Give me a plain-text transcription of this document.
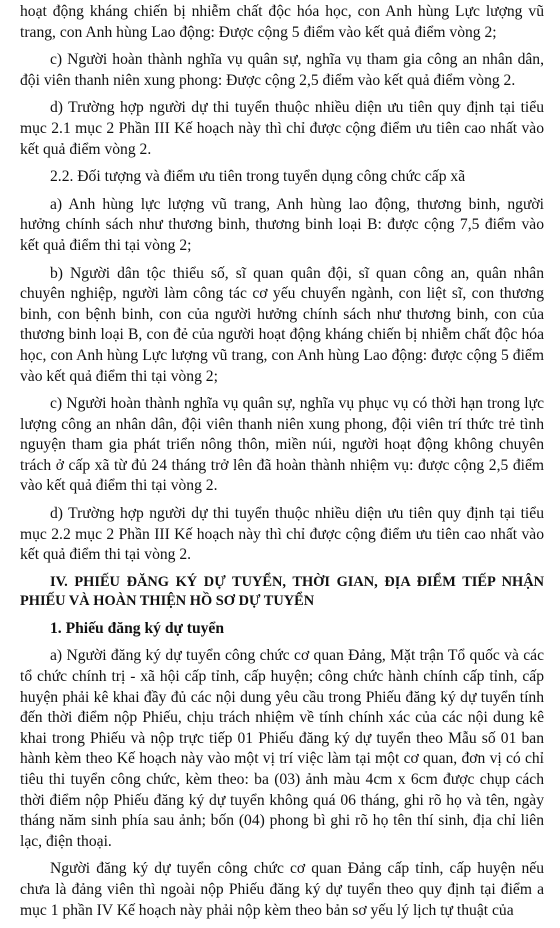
hoạt động kháng chiến bị nhiễm chất độc hóa học, con Anh hùng Lực lượng vũ trang, con Anh hùng Lao động: Được cộng 5 điểm vào kết quả điểm vòng 2;

c) Người hoàn thành nghĩa vụ quân sự, nghĩa vụ tham gia công an nhân dân, đội viên thanh niên xung phong: Được cộng 2,5 điểm vào kết quả điểm vòng 2.

d) Trường hợp người dự thi tuyển thuộc nhiều diện ưu tiên quy định tại tiểu mục 2.1 mục 2 Phần III Kế hoạch này thì chỉ được cộng điểm ưu tiên cao nhất vào kết quả điểm vòng 2.

2.2. Đối tượng và điểm ưu tiên trong tuyển dụng công chức cấp xã

a) Anh hùng lực lượng vũ trang, Anh hùng lao động, thương binh, người hưởng chính sách như thương binh, thương binh loại B: được cộng 7,5 điểm vào kết quả điểm thi tại vòng 2;

b) Người dân tộc thiểu số, sĩ quan quân đội, sĩ quan công an, quân nhân chuyên nghiệp, người làm công tác cơ yếu chuyển ngành, con liệt sĩ, con thương binh, con bệnh binh, con của người hưởng chính sách như thương binh, con của thương binh loại B, con đẻ của người hoạt động kháng chiến bị nhiễm chất độc hóa học, con Anh hùng Lực lượng vũ trang, con Anh hùng Lao động: được cộng 5 điểm vào kết quả điểm thi tại vòng 2;

c) Người hoàn thành nghĩa vụ quân sự, nghĩa vụ phục vụ có thời hạn trong lực lượng công an nhân dân, đội viên thanh niên xung phong, đội viên trí thức trẻ tình nguyện tham gia phát triển nông thôn, miền núi, người hoạt động không chuyên trách ở cấp xã từ đủ 24 tháng trở lên đã hoàn thành nhiệm vụ: được cộng 2,5 điểm vào kết quả điểm thi tại vòng 2.

d) Trường hợp người dự thi tuyển thuộc nhiều diện ưu tiên quy định tại tiểu mục 2.2 mục 2 Phần III Kế hoạch này thì chỉ được cộng điểm ưu tiên cao nhất vào kết quả điểm thi tại vòng 2.

IV. PHIẾU ĐĂNG KÝ DỰ TUYỂN, THỜI GIAN, ĐỊA ĐIỂM TIẾP NHẬN PHIẾU VÀ HOÀN THIỆN HỒ SƠ DỰ TUYỂN

1. Phiếu đăng ký dự tuyển

a) Người đăng ký dự tuyển công chức cơ quan Đảng, Mặt trận Tổ quốc và các tổ chức chính trị - xã hội cấp tỉnh, cấp huyện; công chức hành chính cấp tỉnh, cấp huyện phải kê khai đầy đủ các nội dung yêu cầu trong Phiếu đăng ký dự tuyển tính đến thời điểm nộp Phiếu, chịu trách nhiệm về tính chính xác của các nội dung kê khai trong Phiếu và nộp trực tiếp 01 Phiếu đăng ký dự tuyển theo Mẫu số 01 ban hành kèm theo Kế hoạch này vào một vị trí việc làm tại một cơ quan, đơn vị có chỉ tiêu thi tuyển công chức, kèm theo: ba (03) ảnh màu 4cm x 6cm được chụp cách thời điểm nộp Phiếu đăng ký dự tuyển không quá 06 tháng, ghi rõ họ và tên, ngày tháng năm sinh phía sau ảnh; bốn (04) phong bì ghi rõ họ tên thí sinh, địa chỉ liên lạc, điện thoại.

Người đăng ký dự tuyển công chức cơ quan Đảng cấp tỉnh, cấp huyện nếu chưa là đảng viên thì ngoài nộp Phiếu đăng ký dự tuyển theo quy định tại điểm a mục 1 phần IV Kế hoạch này phải nộp kèm theo bản sơ yếu lý lịch tự thuật của
